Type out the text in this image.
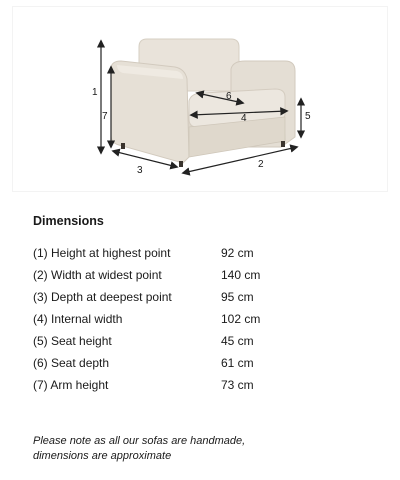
1
7
3
2
4
6
5
Dimensions
(1) Height at highest point	92 cm
(2) Width at widest point	140 cm
(3) Depth at deepest point	95 cm
(4) Internal width	102 cm
(5) Seat height	45 cm
(6) Seat depth	61 cm
(7) Arm height	73 cm

Please note as all our sofas are handmade,
dimensions are approximate
